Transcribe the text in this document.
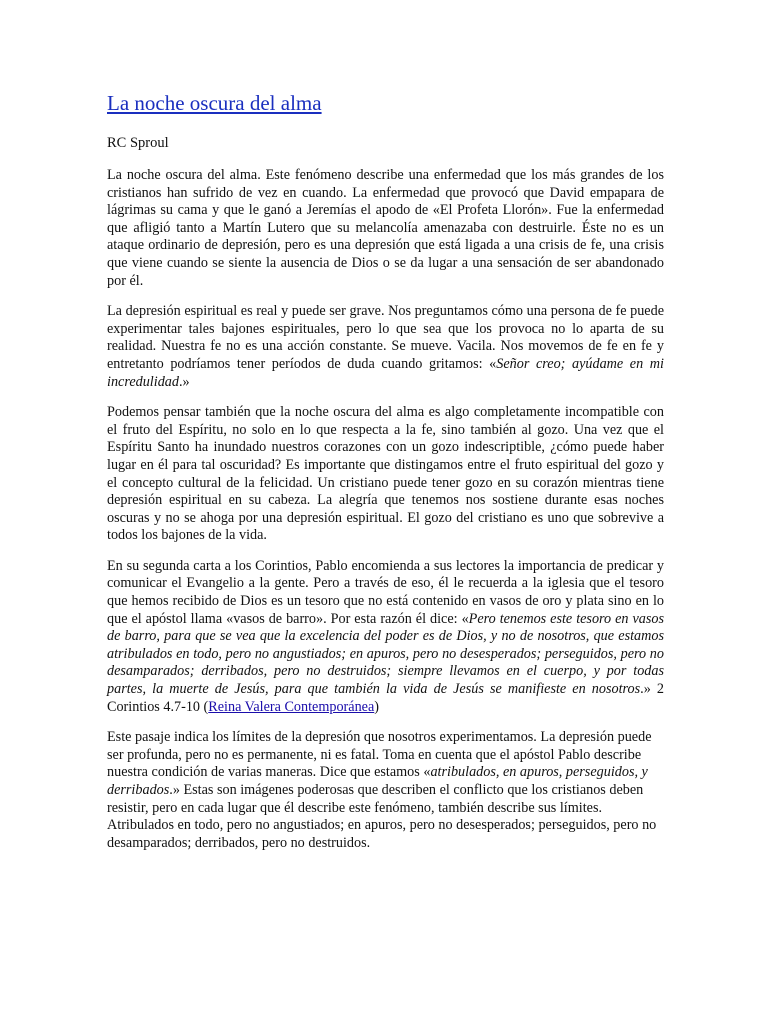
La noche oscura del alma
RC Sproul

La noche oscura del alma. Este fenómeno describe una enfermedad que los más grandes de los cristianos han sufrido de vez en cuando. La enfermedad que provocó que David empapara de lágrimas su cama y que le ganó a Jeremías el apodo de «El Profeta Llorón». Fue la enfermedad que afligió tanto a Martín Lutero que su melancolía amenazaba con destruirle. Éste no es un ataque ordinario de depresión, pero es una depresión que está ligada a una crisis de fe, una crisis que viene cuando se siente la ausencia de Dios o se da lugar a una sensación de ser abandonado por él.

La depresión espiritual es real y puede ser grave. Nos preguntamos cómo una persona de fe puede experimentar tales bajones espirituales, pero lo que sea que los provoca no lo aparta de su realidad. Nuestra fe no es una acción constante. Se mueve. Vacila. Nos movemos de fe en fe y entretanto podríamos tener períodos de duda cuando gritamos: «Señor creo; ayúdame en mi incredulidad.»

Podemos pensar también que la noche oscura del alma es algo completamente incompatible con el fruto del Espíritu, no solo en lo que respecta a la fe, sino también al gozo. Una vez que el Espíritu Santo ha inundado nuestros corazones con un gozo indescriptible, ¿cómo puede haber lugar en él para tal oscuridad? Es importante que distingamos entre el fruto espiritual del gozo y el concepto cultural de la felicidad. Un cristiano puede tener gozo en su corazón mientras tiene depresión espiritual en su cabeza. La alegría que tenemos nos sostiene durante esas noches oscuras y no se ahoga por una depresión espiritual. El gozo del cristiano es uno que sobrevive a todos los bajones de la vida.

En su segunda carta a los Corintios, Pablo encomienda a sus lectores la importancia de predicar y comunicar el Evangelio a la gente. Pero a través de eso, él le recuerda a la iglesia que el tesoro que hemos recibido de Dios es un tesoro que no está contenido en vasos de oro y plata sino en lo que el apóstol llama «vasos de barro». Por esta razón él dice: «Pero tenemos este tesoro en vasos de barro, para que se vea que la excelencia del poder es de Dios, y no de nosotros, que estamos atribulados en todo, pero no angustiados; en apuros, pero no desesperados; perseguidos, pero no desamparados; derribados, pero no destruidos; siempre llevamos en el cuerpo, y por todas partes, la muerte de Jesús, para que también la vida de Jesús se manifieste en nosotros.» 2 Corintios 4.7-10 (Reina Valera Contemporánea)

Este pasaje indica los límites de la depresión que nosotros experimentamos. La depresión puede ser profunda, pero no es permanente, ni es fatal. Toma en cuenta que el apóstol Pablo describe nuestra condición de varias maneras. Dice que estamos «atribulados, en apuros, perseguidos, y derribados.» Estas son imágenes poderosas que describen el conflicto que los cristianos deben resistir, pero en cada lugar que él describe este fenómeno, también describe sus límites. Atribulados en todo, pero no angustiados; en apuros, pero no desesperados; perseguidos, pero no desamparados; derribados, pero no destruidos.
